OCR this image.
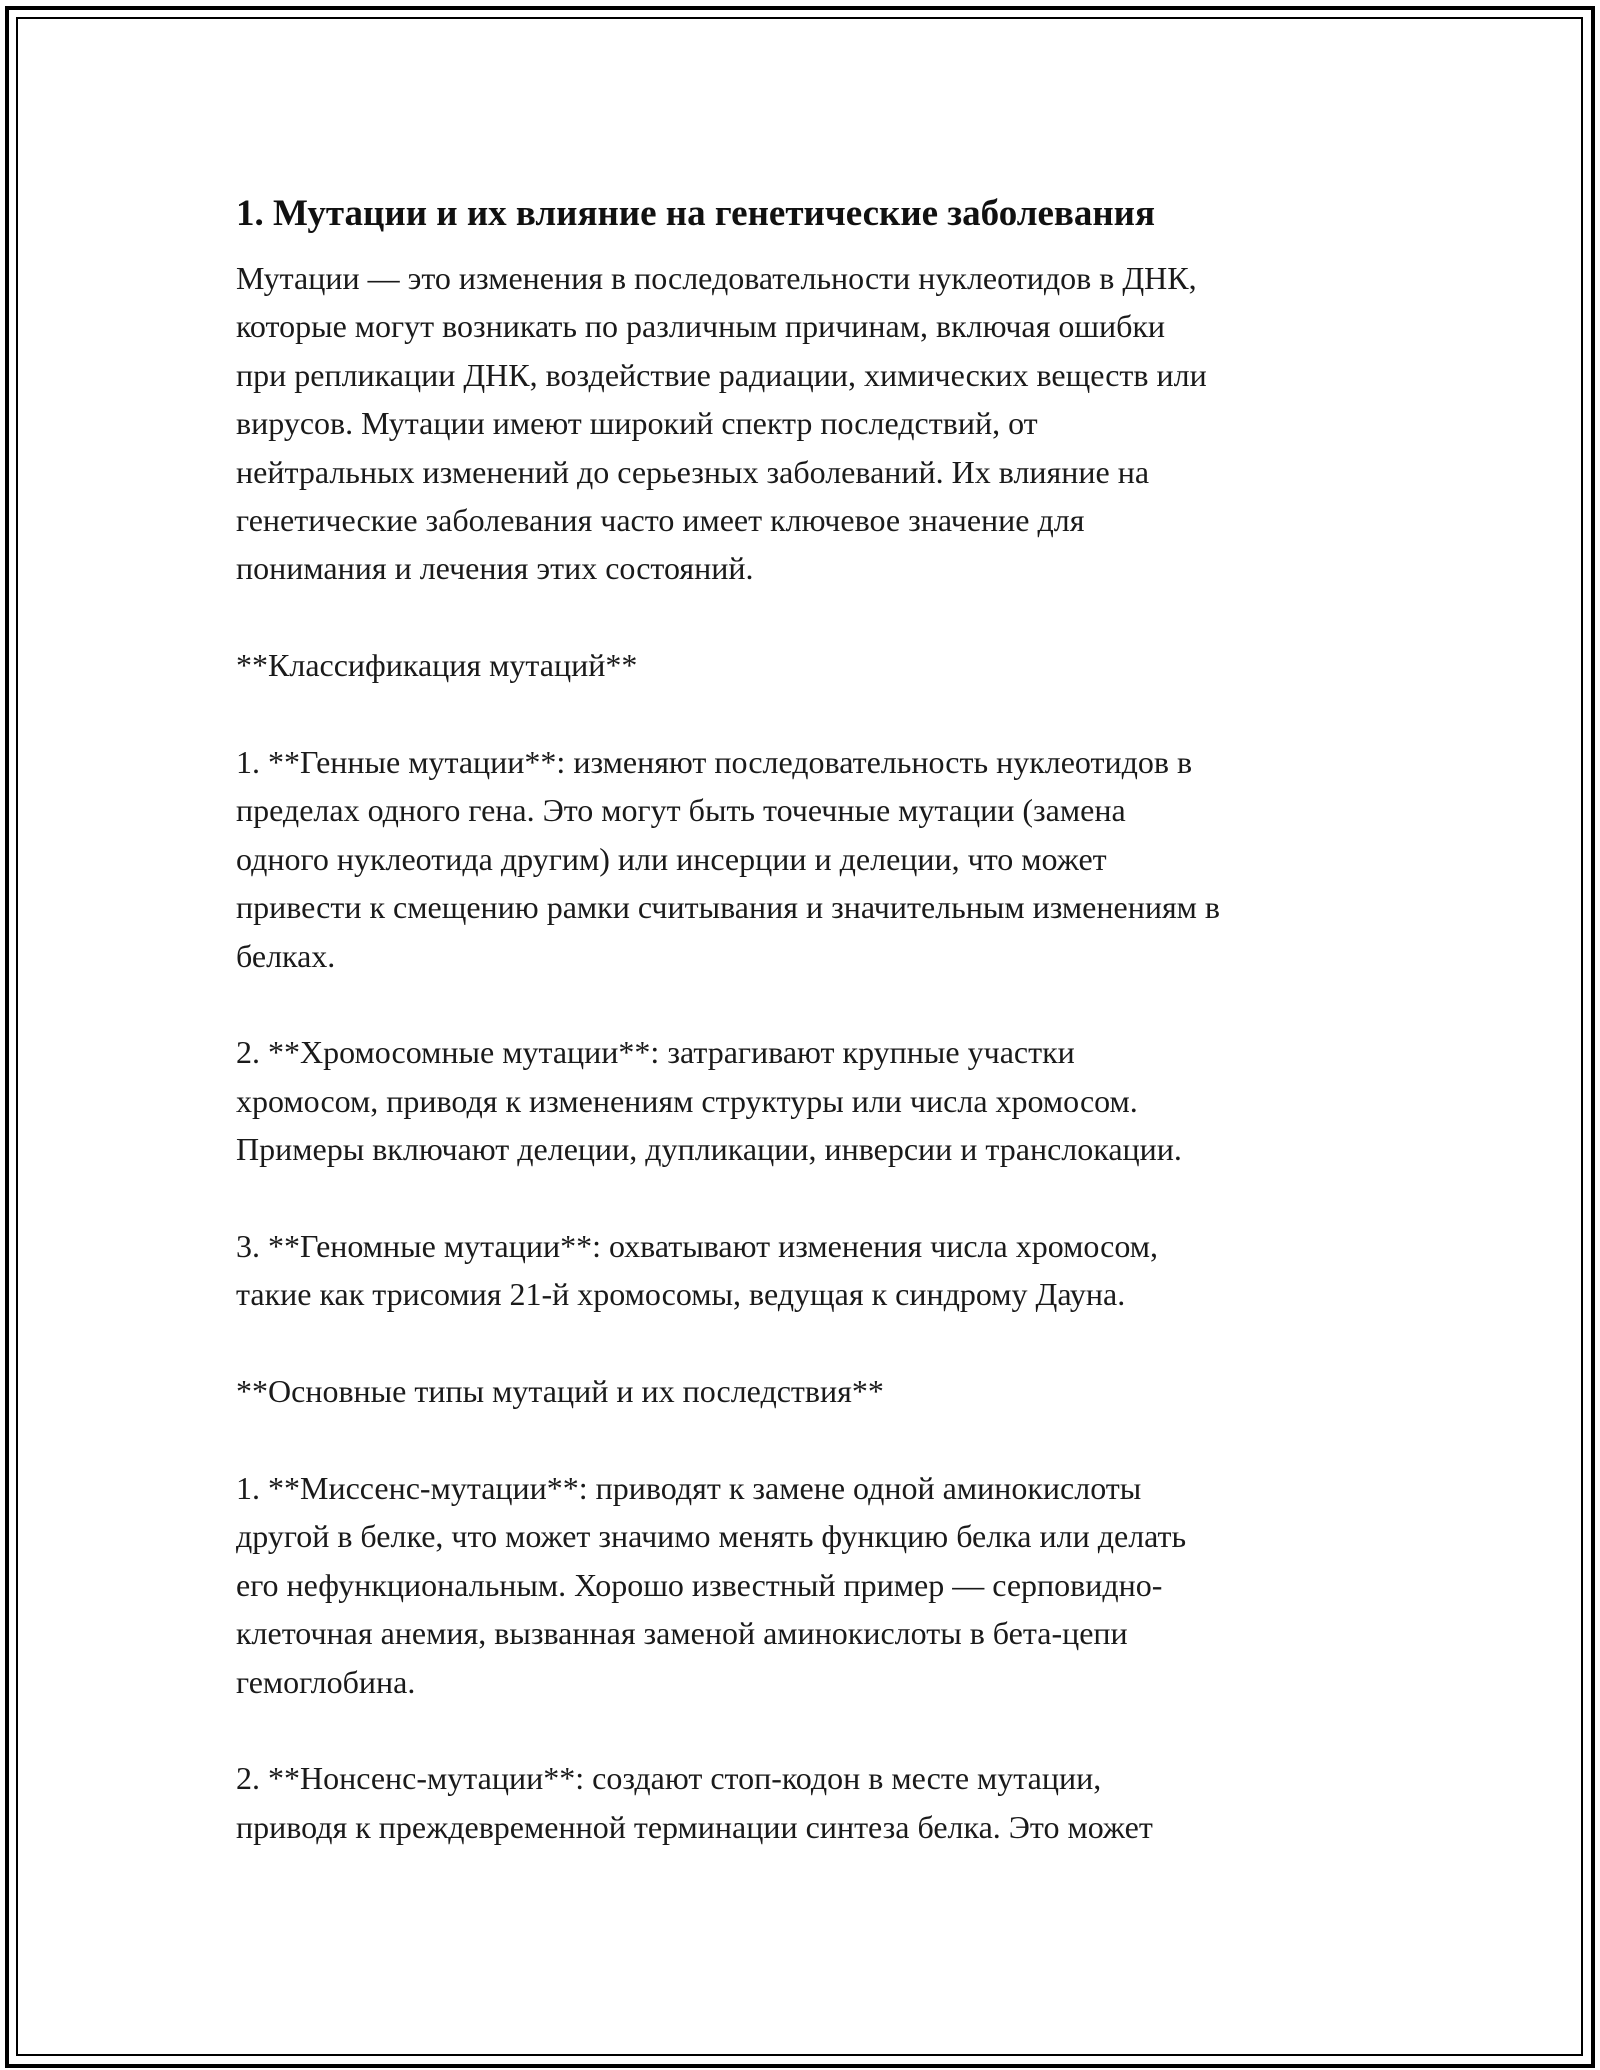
1. Мутации и их влияние на генетические заболевания

Мутации — это изменения в последовательности нуклеотидов в ДНК,
которые могут возникать по различным причинам, включая ошибки
при репликации ДНК, воздействие радиации, химических веществ или
вирусов. Мутации имеют широкий спектр последствий, от
нейтральных изменений до серьезных заболеваний. Их влияние на
генетические заболевания часто имеет ключевое значение для
понимания и лечения этих состояний.

**Классификация мутаций**

1. **Генные мутации**: изменяют последовательность нуклеотидов в
пределах одного гена. Это могут быть точечные мутации (замена
одного нуклеотида другим) или инсерции и делеции, что может
привести к смещению рамки считывания и значительным изменениям в
белках.

2. **Хромосомные мутации**: затрагивают крупные участки
хромосом, приводя к изменениям структуры или числа хромосом.
Примеры включают делеции, дупликации, инверсии и транслокации.

3. **Геномные мутации**: охватывают изменения числа хромосом,
такие как трисомия 21-й хромосомы, ведущая к синдрому Дауна.

**Основные типы мутаций и их последствия**

1. **Миссенс-мутации**: приводят к замене одной аминокислоты
другой в белке, что может значимо менять функцию белка или делать
его нефункциональным. Хорошо известный пример — серповидно-
клеточная анемия, вызванная заменой аминокислоты в бета-цепи
гемоглобина.

2. **Нонсенс-мутации**: создают стоп-кодон в месте мутации,
приводя к преждевременной терминации синтеза белка. Это может
